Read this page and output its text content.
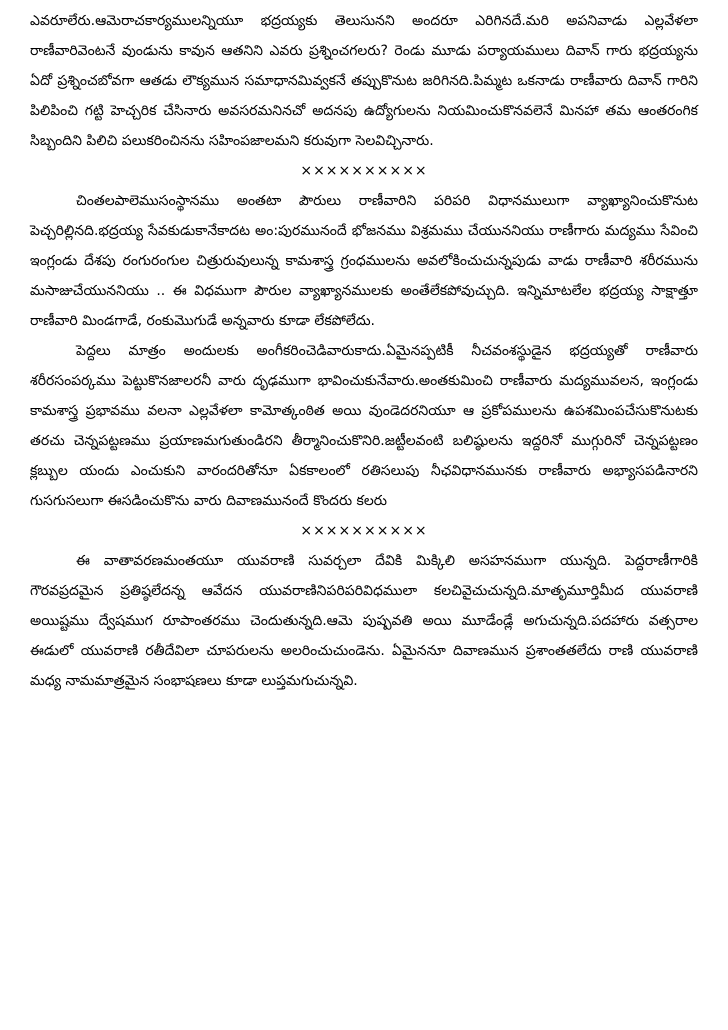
ఎవరూలేరు.ఆమెరాచకార్యములన్నియూ భద్రయ్యకు తెలుసునని అందరూ ఎరిగినదే.మరి అపనివాడు ఎల్లవేళలా రాణీవారివెంటనే వుండును కావున ఆతనిని ఎవరు ప్రశ్నించగలరు? రెండు మూడు పర్యాయములు దివాన్ గారు భద్రయ్యను ఏదో ప్రశ్నించబోవగా ఆతడు లౌక్యమున సమాధానమివ్వకనే తప్పుకొనుట జరిగినది.పిమ్మట ఒకనాడు రాణీవారు దివాన్ గారిని పిలిపించి గట్టి హెచ్చరిక చేసినారు అవసరమనినచో అదనపు ఉద్యోగులను నియమించుకొనవలెనే మినహా తమ ఆంతరంగిక సిబ్బందిని పిలిచి పలుకరించినను సహింపజాలమని కరువుగా సెలవిచ్చినారు.

××××××××××

చింతలపాలెముసంస్థానము అంతటా పౌరులు రాణీవారిని పరిపరి విధానములుగా వ్యాఖ్యానించుకొనుట పెచ్చరిల్లినది.భద్రయ్య సేవకుడుకానేకాదట అం:పురమునందే భోజనము విశ్రమము చేయుననియు రాణీగారు మద్యము సేవించి ఇంగ్లండు దేశపు రంగురంగుల చిత్రురువులున్న కామశాస్త్ర గ్రంధములను అవలోకించుచున్నపుడు వాడు రాణీవారి శరీరమును మసాజుచేయుననియు .. ఈ విధముగా పౌరుల వ్యాఖ్యానములకు అంతేలేకపోవుచ్చుది. ఇన్నిమాటలేల భద్రయ్య సాక్షాత్తూ రాణీవారి మిండగాడే, రంకుమొగుడే అన్నవారు కూడా లేకపోలేదు.

పెద్దలు మాత్రం అందులకు అంగీకరించెడివారుకాదు.ఏమైనప్పటికీ నీచవంశస్థుడైన భద్రయ్యతో రాణీవారు శరీరసంపర్కము పెట్టుకొనజాలరనీ వారు దృఢముగా భావించుకునేవారు.అంతకుమించి రాణీవారు మద్యమువలన, ఇంగ్లండు కామశాస్త్ర ప్రభావము వలనా ఎల్లవేళలా కామోత్కంఠిత అయి వుండెదరనియూ ఆ ప్రకోపములను ఉపశమింపచేసుకొనుటకు తరచు చెన్నపట్టణము ప్రయాణమగుతుండిరని తీర్మానించుకొనిరి.జట్టీలవంటి బలిష్ఠులను ఇద్దరినో ముగ్గురినో చెన్నపట్టణం క్లబ్బుల యందు ఎంచుకుని వారందరితోనూ ఏకకాలంలో రతిసలుపు నీఛవిధానమునకు రాణీవారు అభ్యాసపడినారని గుసగుసలుగా ఈసడించుకొను వారు దివాణమునందే కొందరు కలరు

××××××××××

ఈ వాతావరణమంతయూ యువరాణి సువర్చలా దేవికి మిక్కిలి అసహనముగా యున్నది. పెద్దరాణీగారికి గౌరవప్రదమైన ప్రతిష్ఠలేదన్న ఆవేదన యువరాణినిపరిపరివిధములా కలచివైచుచున్నది.మాతృమూర్తిమీద యువరాణి అయిష్టము ద్వేషముగ రూపాంతరము చెందుతున్నది.ఆమె పుష్పవతి అయి మూడేండ్లే అగుచున్నది.పదహారు వత్సరాల ఈడులో యువరాణి రతీదేవిలా చూపరులను అలరించుచుండెను. ఏమైననూ దివాణమున ప్రశాంతతలేదు రాణి యువరాణి మధ్య నామమాత్రమైన సంభాషణలు కూడా లుప్తమగుచున్నవి.
